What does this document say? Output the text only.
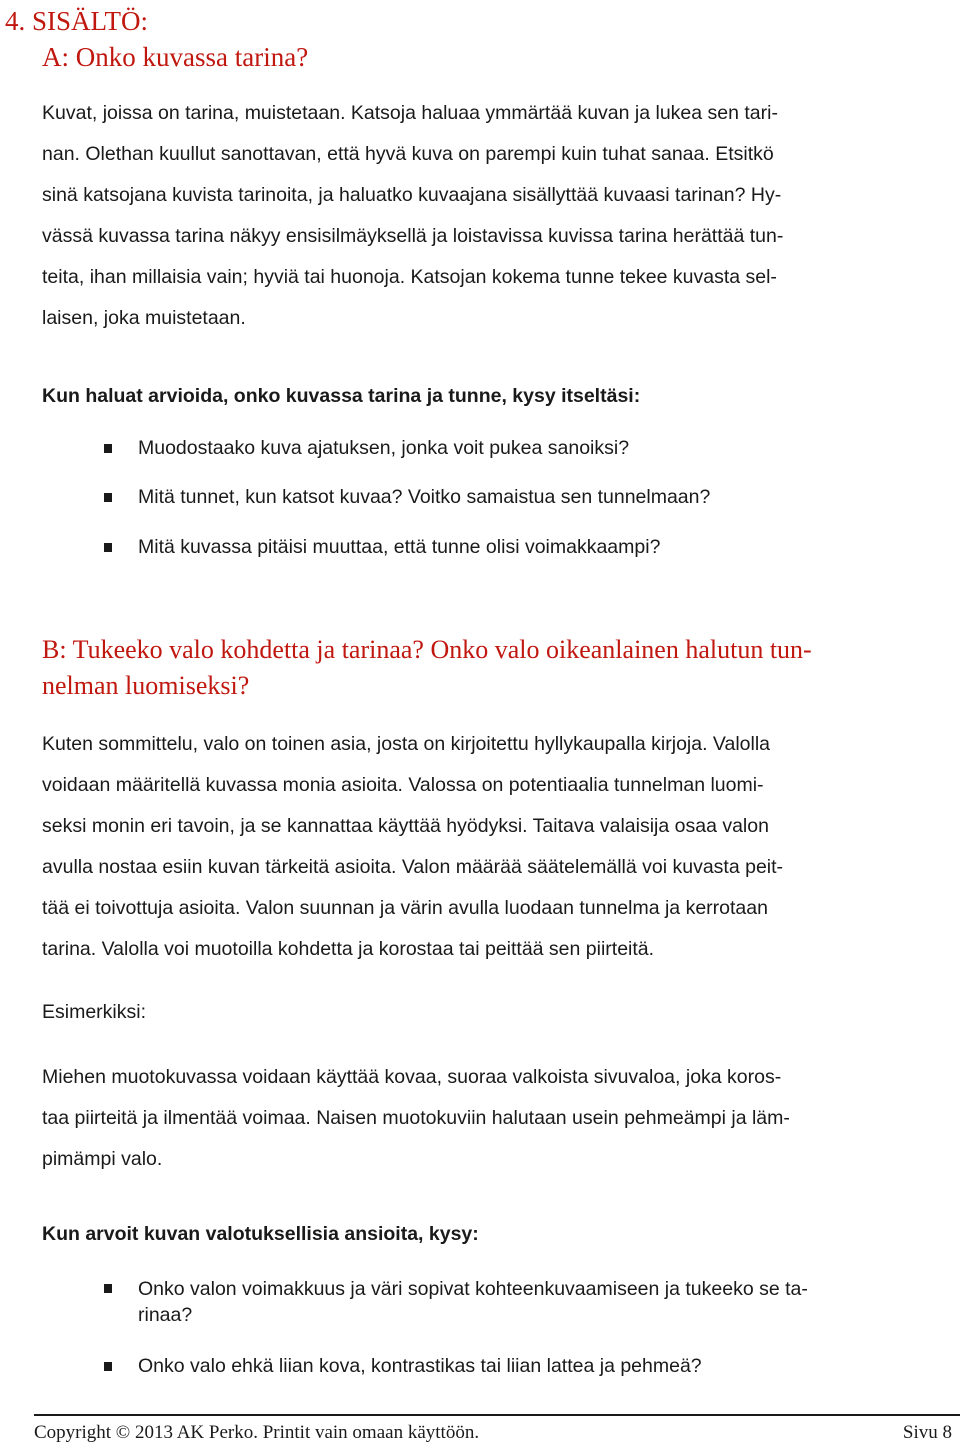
4. SISÄLTÖ:
A: Onko kuvassa tarina?
Kuvat, joissa on tarina, muistetaan. Katsoja haluaa ymmärtää kuvan ja lukea sen tari-
nan. Olethan kuullut sanottavan, että hyvä kuva on parempi kuin tuhat sanaa. Etsitkö
sinä katsojana kuvista tarinoita, ja haluatko kuvaajana sisällyttää kuvaasi tarinan? Hy-
vässä kuvassa tarina näkyy ensisilmäyksellä ja loistavissa kuvissa tarina herättää tun-
teita, ihan millaisia vain; hyviä tai huonoja. Katsojan kokema tunne tekee kuvasta sel-
laisen, joka muistetaan.
Kun haluat arvioida, onko kuvassa tarina ja tunne, kysy itseltäsi:
Muodostaako kuva ajatuksen, jonka voit pukea sanoiksi?
Mitä tunnet, kun katsot kuvaa? Voitko samaistua sen tunnelmaan?
Mitä kuvassa pitäisi muuttaa, että tunne olisi voimakkaampi?
B: Tukeeko valo kohdetta ja tarinaa? Onko valo oikeanlainen halutun tun-
nelman luomiseksi?
Kuten sommittelu, valo on toinen asia, josta on kirjoitettu hyllykaupalla kirjoja. Valolla
voidaan määritellä kuvassa monia asioita. Valossa on potentiaalia tunnelman luomi-
seksi monin eri tavoin, ja se kannattaa käyttää hyödyksi. Taitava valaisija osaa valon
avulla nostaa esiin kuvan tärkeitä asioita. Valon määrää säätelemällä voi kuvasta peit-
tää ei toivottuja asioita. Valon suunnan ja värin avulla luodaan tunnelma ja kerrotaan
tarina. Valolla voi muotoilla kohdetta ja korostaa tai peittää sen piirteitä.
Esimerkiksi:
Miehen muotokuvassa voidaan käyttää kovaa, suoraa valkoista sivuvaloa, joka koros-
taa piirteitä ja ilmentää voimaa. Naisen muotokuviin halutaan usein pehmeämpi ja läm-
pimämpi valo.
Kun arvoit kuvan valotuksellisia ansioita, kysy:
Onko valon voimakkuus ja väri sopivat kohteenkuvaamiseen ja tukeeko se ta-
rinaa?
Onko valo ehkä liian kova, kontrastikas tai liian lattea ja pehmeä?
Copyright © 2013 AK Perko. Printit vain omaan käyttöön.	Sivu 8
